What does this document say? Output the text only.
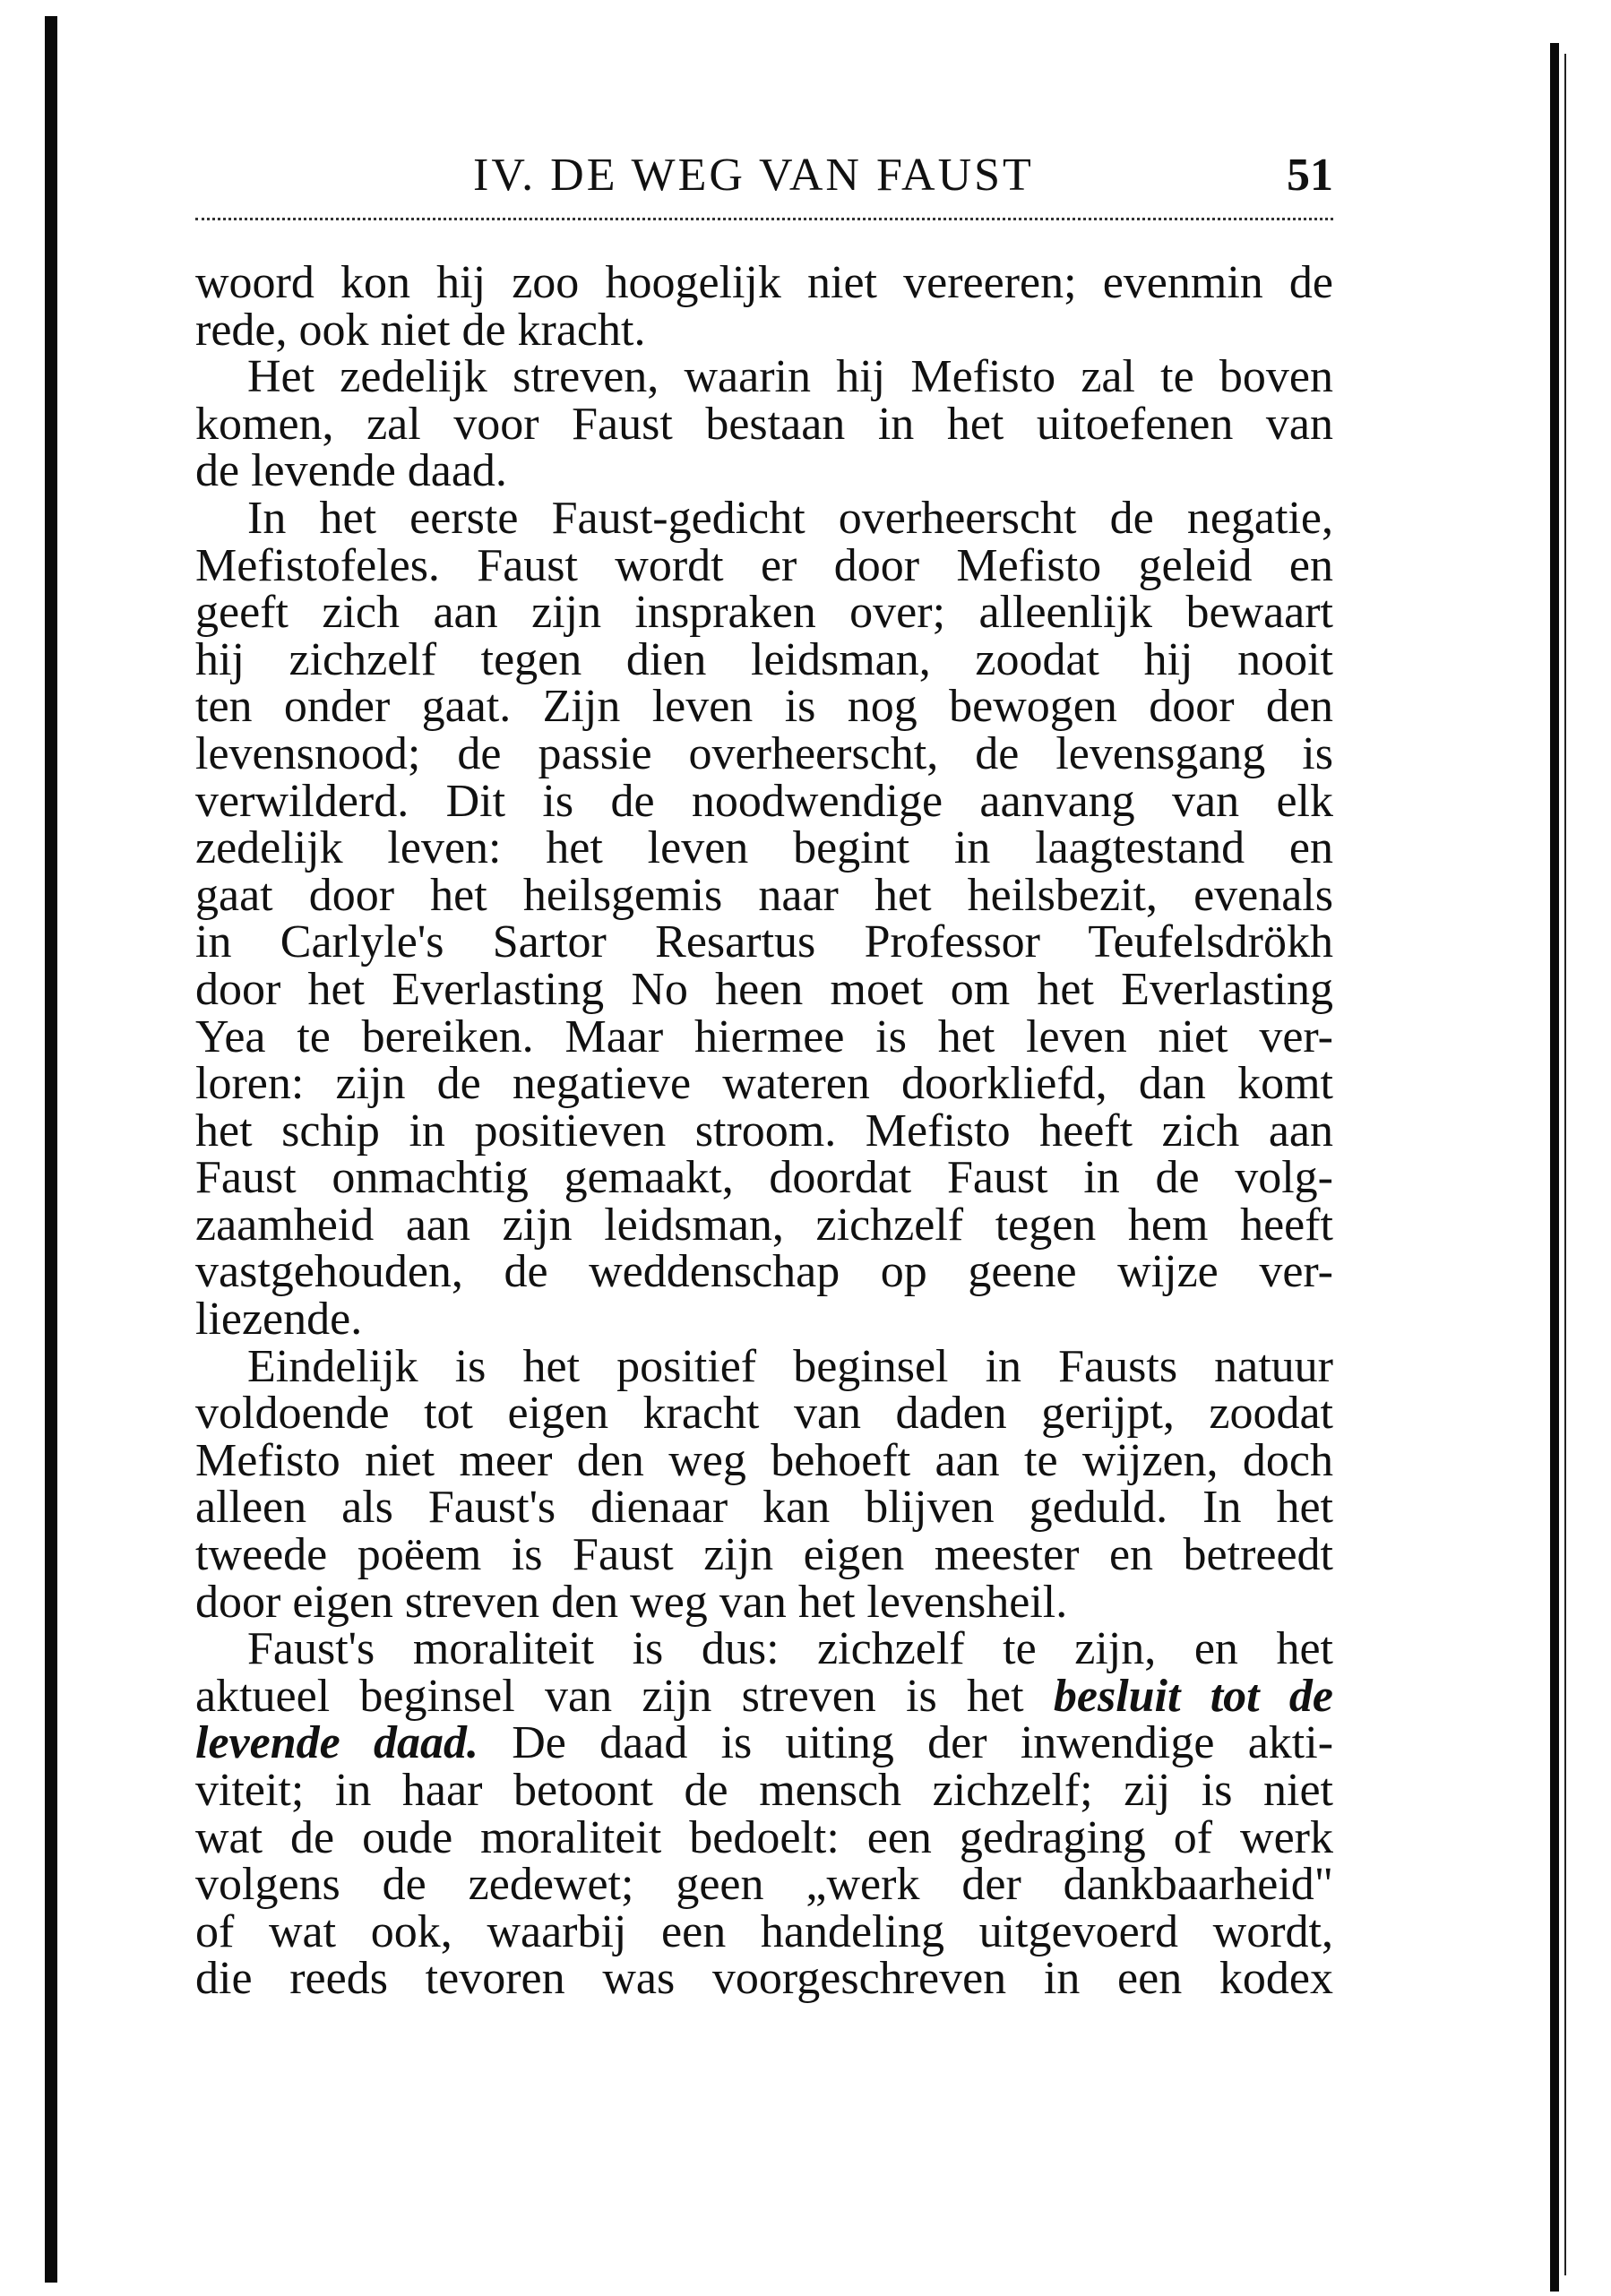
IV. DE WEG VAN FAUST	51
woord kon hij zoo hoogelijk niet vereeren; evenmin de
rede, ook niet de kracht.
Het zedelijk streven, waarin hij Mefisto zal te boven
komen, zal voor Faust bestaan in het uitoefenen van
de levende daad.
In het eerste Faust-gedicht overheerscht de negatie,
Mefistofeles. Faust wordt er door Mefisto geleid en
geeft zich aan zijn inspraken over; alleenlijk bewaart
hij zichzelf tegen dien leidsman, zoodat hij nooit
ten onder gaat. Zijn leven is nog bewogen door den
levensnood; de passie overheerscht, de levensgang is
verwilderd. Dit is de noodwendige aanvang van elk
zedelijk leven: het leven begint in laagtestand en
gaat door het heilsgemis naar het heilsbezit, evenals
in Carlyle's Sartor Resartus Professor Teufelsdrökh
door het Everlasting No heen moet om het Everlasting
Yea te bereiken. Maar hiermee is het leven niet ver-
loren: zijn de negatieve wateren doorkliefd, dan komt
het schip in positieven stroom. Mefisto heeft zich aan
Faust onmachtig gemaakt, doordat Faust in de volg-
zaamheid aan zijn leidsman, zichzelf tegen hem heeft
vastgehouden, de weddenschap op geene wijze ver-
liezende.
Eindelijk is het positief beginsel in Fausts natuur
voldoende tot eigen kracht van daden gerijpt, zoodat
Mefisto niet meer den weg behoeft aan te wijzen, doch
alleen als Faust's dienaar kan blijven geduld. In het
tweede poëem is Faust zijn eigen meester en betreedt
door eigen streven den weg van het levensheil.
Faust's moraliteit is dus: zichzelf te zijn, en het
aktueel beginsel van zijn streven is het besluit tot de
levende daad. De daad is uiting der inwendige akti-
viteit; in haar betoont de mensch zichzelf; zij is niet
wat de oude moraliteit bedoelt: een gedraging of werk
volgens de zedewet; geen „werk der dankbaarheid"
of wat ook, waarbij een handeling uitgevoerd wordt,
die reeds tevoren was voorgeschreven in een kodex
